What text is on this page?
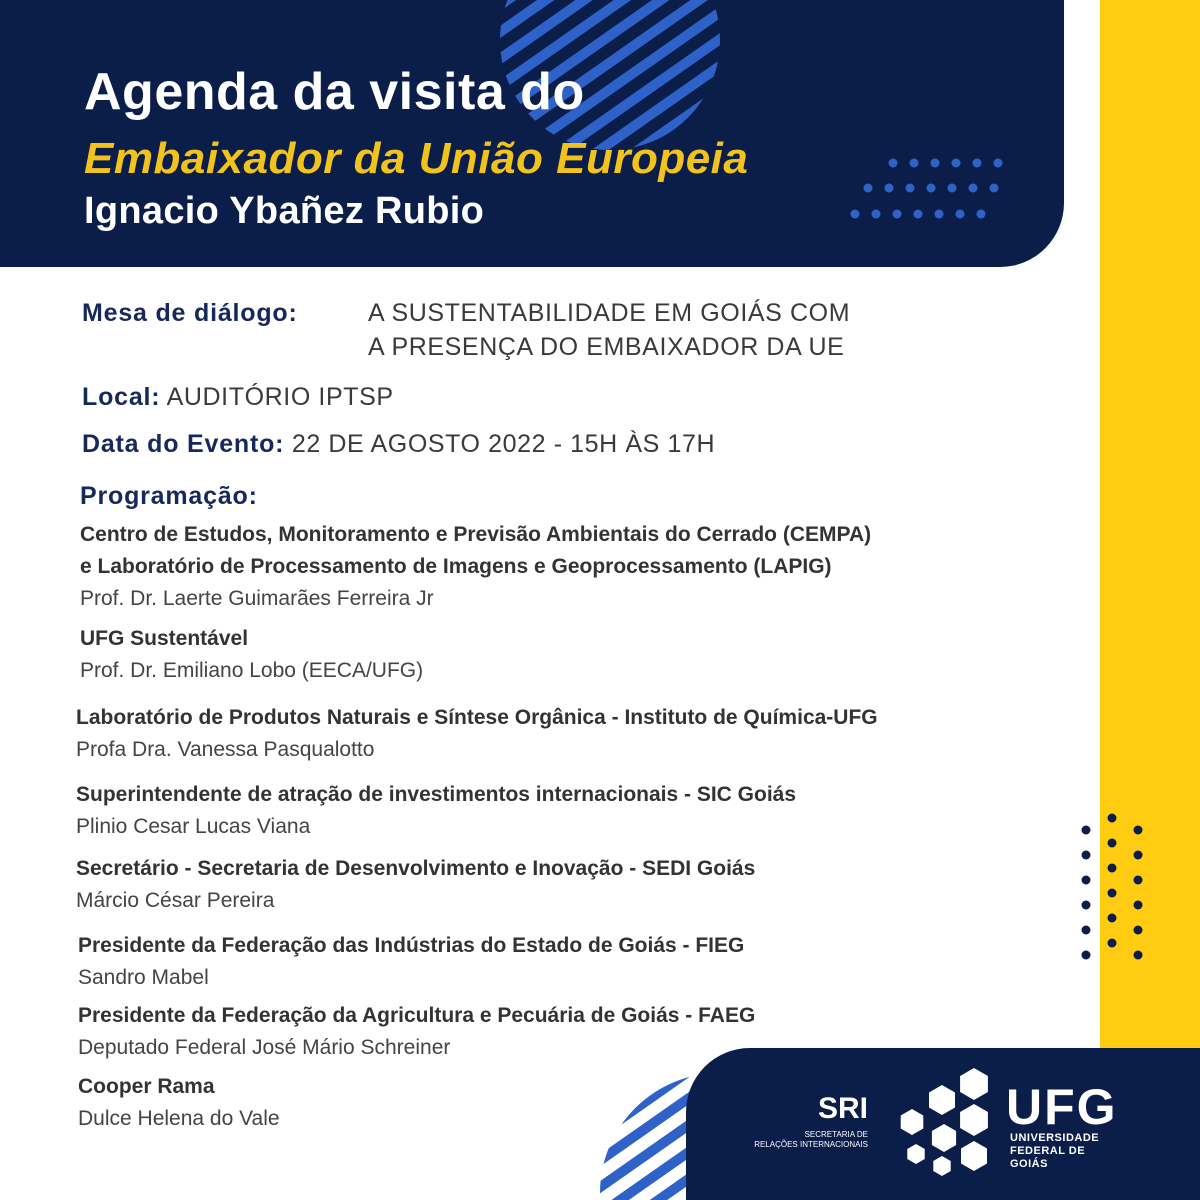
Agenda da visita do
Embaixador da União Europeia
Ignacio Ybañez Rubio
Mesa de diálogo:	A SUSTENTABILIDADE EM GOIÁS COM
A PRESENÇA DO EMBAIXADOR DA UE
Local: AUDITÓRIO IPTSP
Data do Evento: 22 DE AGOSTO 2022 - 15H ÀS 17H
Programação:
Centro de Estudos, Monitoramento e Previsão Ambientais do Cerrado (CEMPA)
e Laboratório de Processamento de Imagens e Geoprocessamento (LAPIG)
Prof. Dr. Laerte Guimarães Ferreira Jr
UFG Sustentável
Prof. Dr. Emiliano Lobo (EECA/UFG)
Laboratório de Produtos Naturais e Síntese Orgânica - Instituto de Química-UFG
Profa Dra. Vanessa Pasqualotto
Superintendente de atração de investimentos internacionais - SIC Goiás
Plinio Cesar Lucas Viana
Secretário - Secretaria de Desenvolvimento e Inovação - SEDI Goiás
Márcio César Pereira
Presidente da Federação das Indústrias do Estado de Goiás - FIEG
Sandro Mabel
Presidente da Federação da Agricultura e Pecuária de Goiás - FAEG
Deputado Federal José Mário Schreiner
Cooper Rama
Dulce Helena do Vale	SRI
SECRETARIA DE
RELAÇÕES INTERNACIONAIS
UFG
UNIVERSIDADE
FEDERAL DE GOIÁS
